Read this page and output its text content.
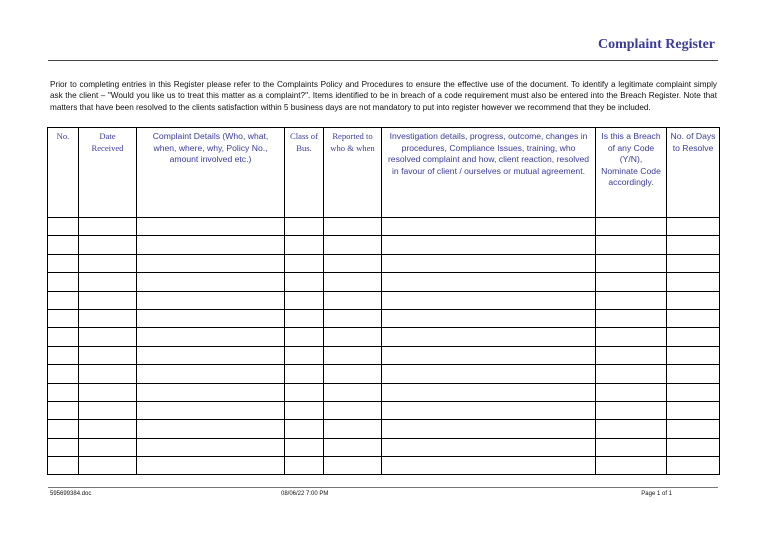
Complaint Register
Prior to completing entries in this Register please refer to the Complaints Policy and Procedures to ensure the effective use of the document. To identify a legitimate complaint simply ask the client – "Would you like us to treat this matter as a complaint?". Items identified to be in breach of a code requirement must also be entered into the Breach Register. Note that matters that have been resolved to the clients satisfaction within 5 business days are not mandatory to put into register however we recommend that they be included.
No.	Date Received	Complaint Details (Who, what, when, where, why, Policy No., amount involved etc.)	Class of Bus.	Reported to who & when	Investigation details, progress, outcome, changes in procedures, Compliance Issues, training, who resolved complaint and how, client reaction, resolved in favour of client / ourselves or mutual agreement.	Is this a Breach of any Code (Y/N), Nominate Code accordingly.	No. of Days to Resolve

595699384.doc	08/06/22 7:00 PM	Page 1 of 1
